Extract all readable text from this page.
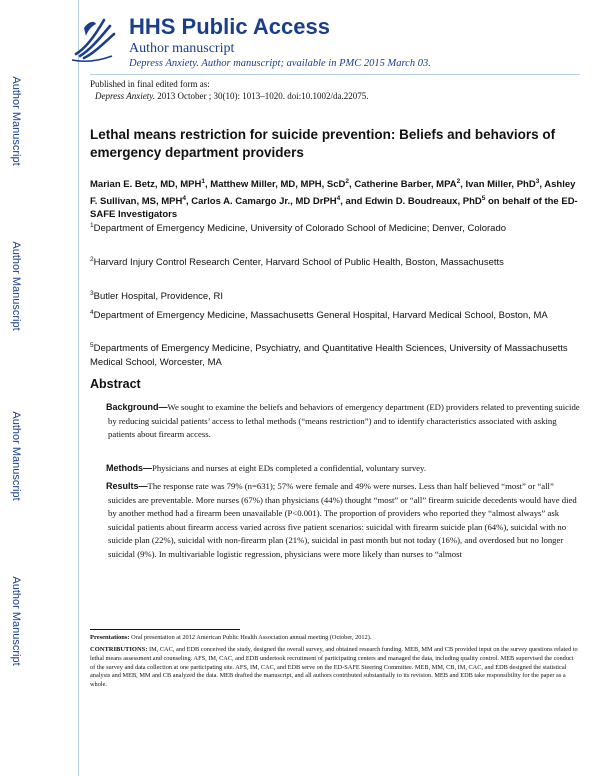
Author Manuscript
Author Manuscript
Author Manuscript
Author Manuscript
HHS Public Access
Author manuscript
Depress Anxiety. Author manuscript; available in PMC 2015 March 03.
Published in final edited form as:
Depress Anxiety. 2013 October ; 30(10): 1013–1020. doi:10.1002/da.22075.
Lethal means restriction for suicide prevention: Beliefs and behaviors of emergency department providers
Marian E. Betz, MD, MPH$^1$, Matthew Miller, MD, MPH, ScD$^2$, Catherine Barber, MPA$^2$, Ivan Miller, PhD$^3$, Ashley F. Sullivan, MS, MPH$^4$, Carlos A. Camargo Jr., MD DrPH$^4$, and Edwin D. Boudreaux, PhD$^5$ on behalf of the ED-SAFE Investigators
$^1$Department of Emergency Medicine, University of Colorado School of Medicine; Denver, Colorado
$^2$Harvard Injury Control Research Center, Harvard School of Public Health, Boston, Massachusetts
$^3$Butler Hospital, Providence, RI
$^4$Department of Emergency Medicine, Massachusetts General Hospital, Harvard Medical School, Boston, MA
$^5$Departments of Emergency Medicine, Psychiatry, and Quantitative Health Sciences, University of Massachusetts Medical School, Worcester, MA
Abstract
Background—We sought to examine the beliefs and behaviors of emergency department (ED) providers related to preventing suicide by reducing suicidal patients’ access to lethal methods (“means restriction”) and to identify characteristics associated with asking patients about firearm access.
Methods—Physicians and nurses at eight EDs completed a confidential, voluntary survey.
Results—The response rate was 79% (n=631); 57% were female and 49% were nurses. Less than half believed “most” or “all” suicides are preventable. More nurses (67%) than physicians (44%) thought “most” or “all” firearm suicide decedents would have died by another method had a firearm been unavailable (P<0.001). The proportion of providers who reported they “almost always” ask suicidal patients about firearm access varied across five patient scenarios: suicidal with firearm suicide plan (64%), suicidal with no suicide plan (22%), suicidal with non-firearm plan (21%), suicidal in past month but not today (16%), and overdosed but no longer suicidal (9%). In multivariable logistic regression, physicians were more likely than nurses to “almost
Presentations: Oral presentation at 2012 American Public Health Association annual meeting (October, 2012).
CONTRIBUTIONS: IM, CAC, and EDB conceived the study, designed the overall survey, and obtained research funding. MEB, MM and CB provided input on the survey questions related to lethal means assessment and counseling. AFS, IM, CAC, and EDB undertook recruitment of participating centers and managed the data, including quality control. MEB supervised the conduct of the survey and data collection at one participating site. AFS, IM, CAC, and EDB serve on the ED-SAFE Steering Committee. MEB, MM, CB, IM, CAC, and EDB designed the statistical analysis and MEB, MM and CB analyzed the data. MEB drafted the manuscript, and all authors contributed substantially to its revision. MEB and EDB take responsibility for the paper as a whole.
